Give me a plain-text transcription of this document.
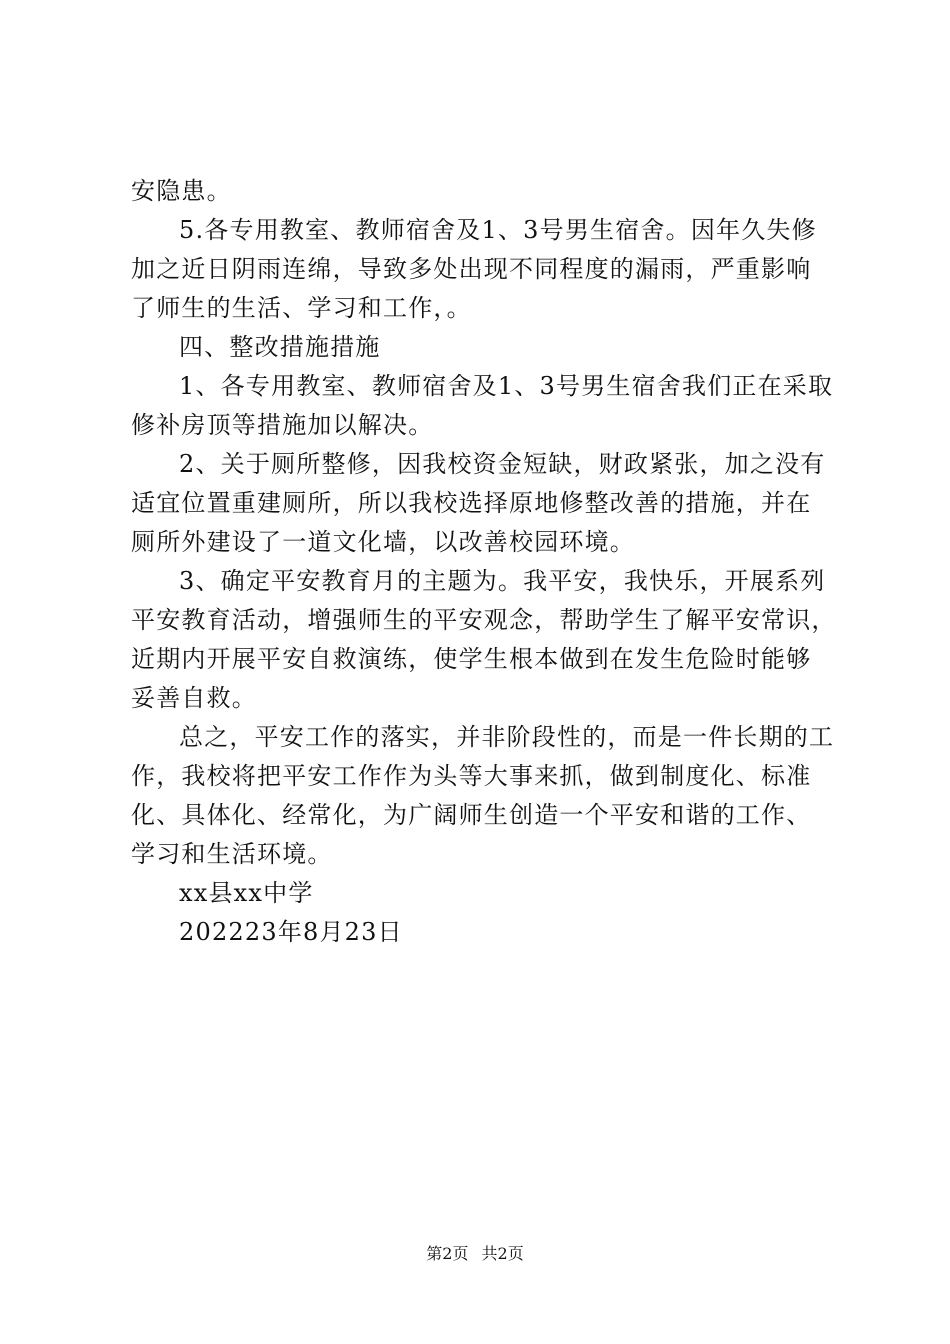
安隐患。
5.各专用教室、教师宿舍及1、3号男生宿舍。因年久失修
加之近日阴雨连绵，导致多处出现不同程度的漏雨，严重影响
了师生的生活、学习和工作，。
四、整改措施措施
1、各专用教室、教师宿舍及1、3号男生宿舍我们正在采取
修补房顶等措施加以解决。
2、关于厕所整修，因我校资金短缺，财政紧张，加之没有
适宜位置重建厕所，所以我校选择原地修整改善的措施，并在
厕所外建设了一道文化墙，以改善校园环境。
3、确定平安教育月的主题为。我平安，我快乐，开展系列
平安教育活动，增强师生的平安观念，帮助学生了解平安常识，
近期内开展平安自救演练，使学生根本做到在发生危险时能够
妥善自救。
总之，平安工作的落实，并非阶段性的，而是一件长期的工
作，我校将把平安工作作为头等大事来抓，做到制度化、标准
化、具体化、经常化，为广阔师生创造一个平安和谐的工作、
学习和生活环境。
xx县xx中学
202223年8月23日
第2页 共2页
